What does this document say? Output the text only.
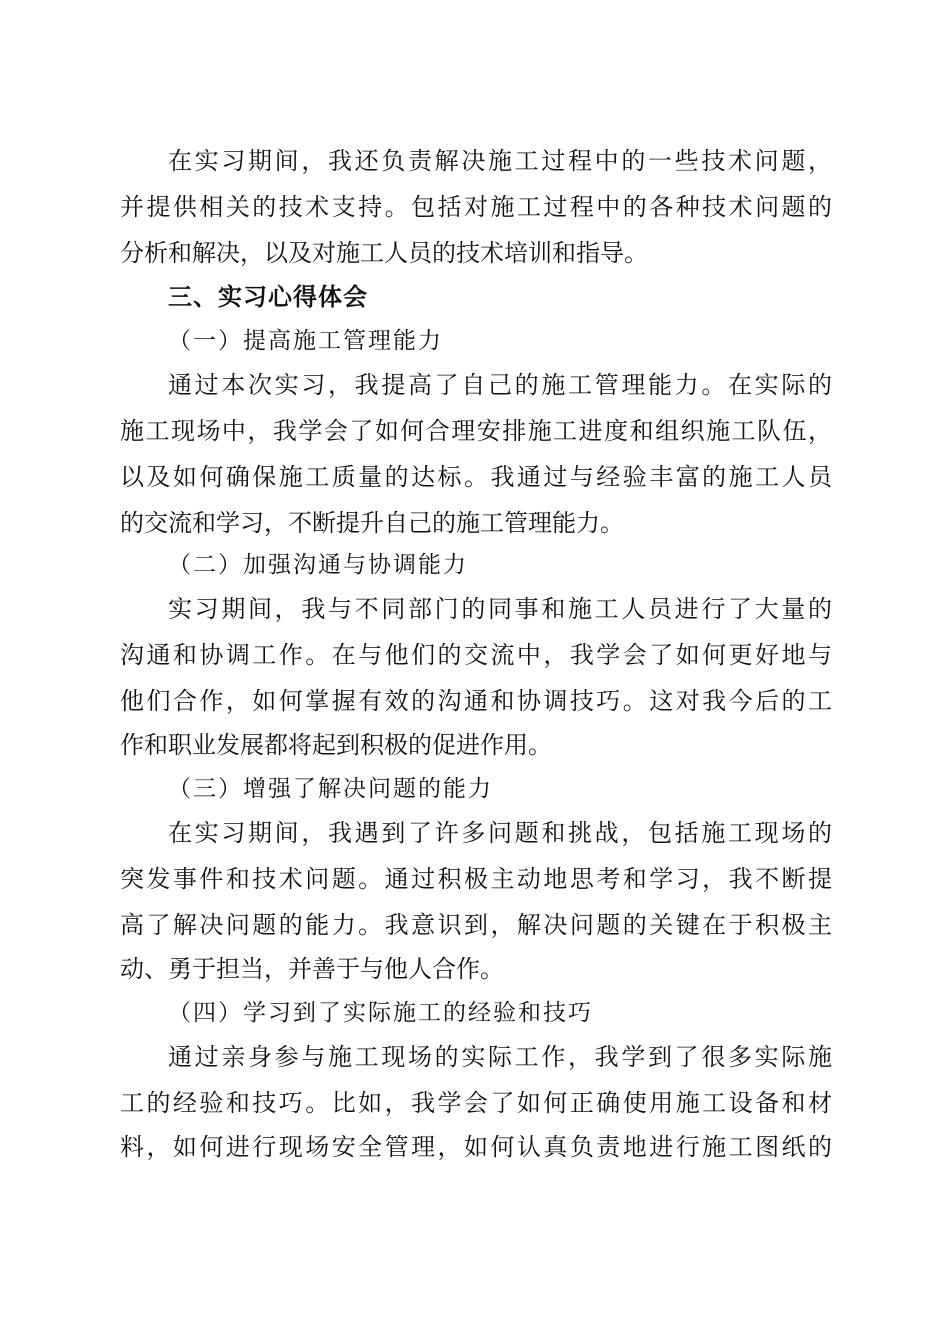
在实习期间，我还负责解决施工过程中的一些技术问题，
并提供相关的技术支持。包括对施工过程中的各种技术问题的
分析和解决，以及对施工人员的技术培训和指导。
三、实习心得体会
（一）提高施工管理能力
通过本次实习，我提高了自己的施工管理能力。在实际的
施工现场中，我学会了如何合理安排施工进度和组织施工队伍，
以及如何确保施工质量的达标。我通过与经验丰富的施工人员
的交流和学习，不断提升自己的施工管理能力。
（二）加强沟通与协调能力
实习期间，我与不同部门的同事和施工人员进行了大量的
沟通和协调工作。在与他们的交流中，我学会了如何更好地与
他们合作，如何掌握有效的沟通和协调技巧。这对我今后的工
作和职业发展都将起到积极的促进作用。
（三）增强了解决问题的能力
在实习期间，我遇到了许多问题和挑战，包括施工现场的
突发事件和技术问题。通过积极主动地思考和学习，我不断提
高了解决问题的能力。我意识到，解决问题的关键在于积极主
动、勇于担当，并善于与他人合作。
（四）学习到了实际施工的经验和技巧
通过亲身参与施工现场的实际工作，我学到了很多实际施
工的经验和技巧。比如，我学会了如何正确使用施工设备和材
料，如何进行现场安全管理，如何认真负责地进行施工图纸的
